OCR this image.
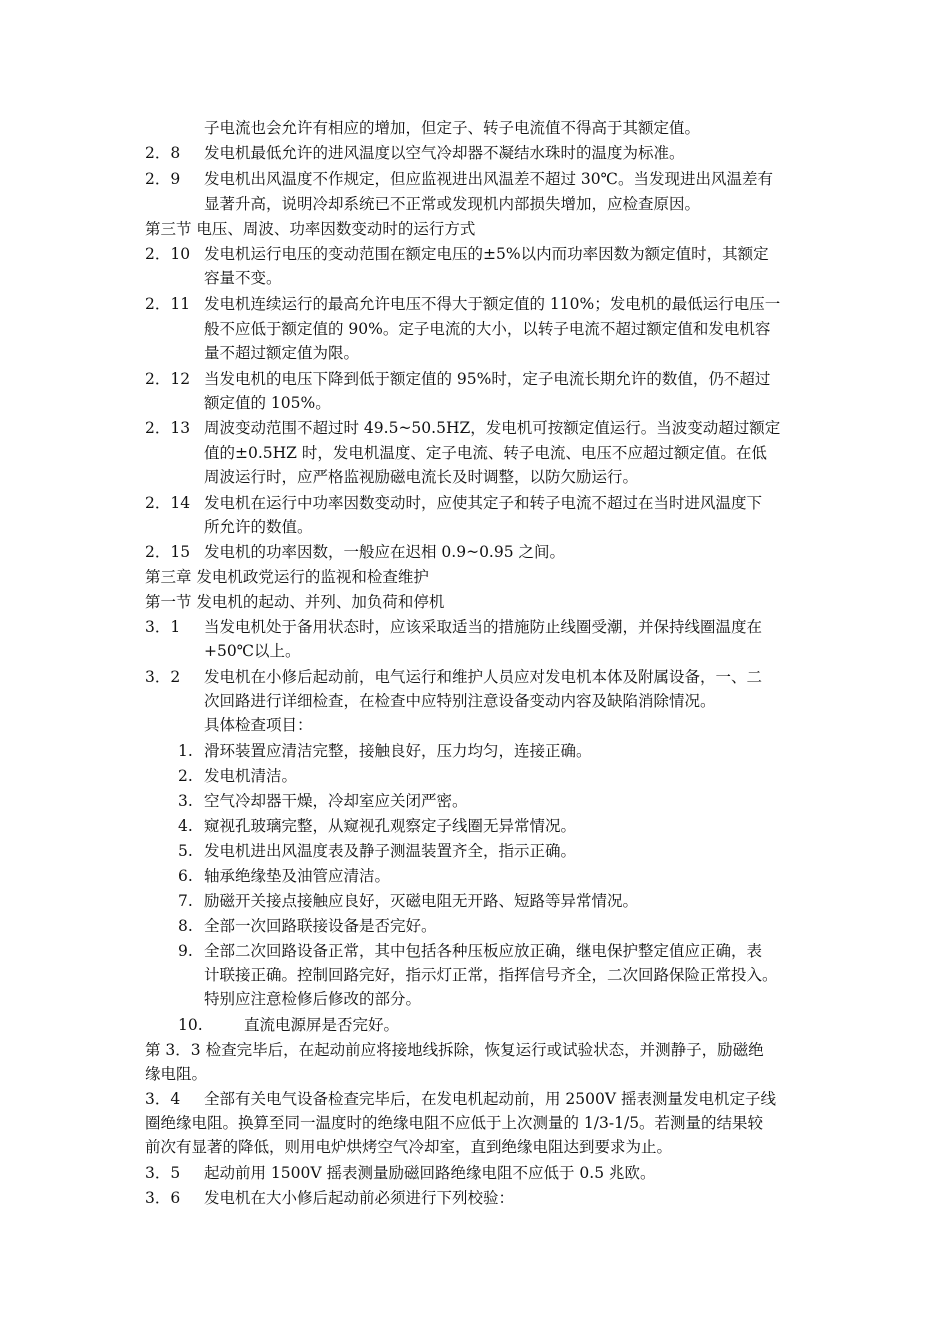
子电流也会允许有相应的增加，但定子、转子电流值不得高于其额定值。
2．8 发电机最低允许的进风温度以空气冷却器不凝结水珠时的温度为标准。
2．9 发电机出风温度不作规定，但应监视进出风温差不超过 30℃。当发现进出风温差有
显著升高，说明冷却系统已不正常或发现机内部损失增加，应检查原因。
第三节 电压、周波、功率因数变动时的运行方式
2．10 发电机运行电压的变动范围在额定电压的±5%以内而功率因数为额定值时，其额定
容量不变。
2．11 发电机连续运行的最高允许电压不得大于额定值的 110%；发电机的最低运行电压一
般不应低于额定值的 90%。定子电流的大小，以转子电流不超过额定值和发电机容
量不超过额定值为限。
2．12 当发电机的电压下降到低于额定值的 95%时，定子电流长期允许的数值，仍不超过
额定值的 105%。
2．13 周波变动范围不超过时 49.5~50.5HZ，发电机可按额定值运行。当波变动超过额定
值的±0.5HZ 时，发电机温度、定子电流、转子电流、电压不应超过额定值。在低
周波运行时，应严格监视励磁电流长及时调整，以防欠励运行。
2．14 发电机在运行中功率因数变动时，应使其定子和转子电流不超过在当时进风温度下
所允许的数值。
2．15 发电机的功率因数，一般应在迟相 0.9~0.95 之间。
第三章 发电机政党运行的监视和检查维护
第一节 发电机的起动、并列、加负荷和停机
3．1 当发电机处于备用状态时，应该采取适当的措施防止线圈受潮，并保持线圈温度在
+50℃以上。
3．2 发电机在小修后起动前，电气运行和维护人员应对发电机本体及附属设备，一、二
次回路进行详细检查，在检查中应特别注意设备变动内容及缺陷消除情况。
具体检查项目：
1. 滑环装置应清洁完整，接触良好，压力均匀，连接正确。
2. 发电机清洁。
3. 空气冷却器干燥，冷却室应关闭严密。
4. 窥视孔玻璃完整，从窥视孔观察定子线圈无异常情况。
5. 发电机进出风温度表及静子测温装置齐全，指示正确。
6. 轴承绝缘垫及油管应清洁。
7. 励磁开关接点接触应良好，灭磁电阻无开路、短路等异常情况。
8. 全部一次回路联接设备是否完好。
9. 全部二次回路设备正常，其中包括各种压板应放正确，继电保护整定值应正确，表
计联接正确。控制回路完好，指示灯正常，指挥信号齐全，二次回路保险正常投入。
特别应注意检修后修改的部分。
10.	直流电源屏是否完好。
第 3．3 检查完毕后，在起动前应将接地线拆除，恢复运行或试验状态，并测静子，励磁绝
缘电阻。
3．4 全部有关电气设备检查完毕后，在发电机起动前，用 2500V 摇表测量发电机定子线
圈绝缘电阻。换算至同一温度时的绝缘电阻不应低于上次测量的 1/3-1/5。若测量的结果较
前次有显著的降低，则用电炉烘烤空气冷却室，直到绝缘电阻达到要求为止。
3．5 起动前用 1500V 摇表测量励磁回路绝缘电阻不应低于 0.5 兆欧。
3．6 发电机在大小修后起动前必须进行下列校验：
